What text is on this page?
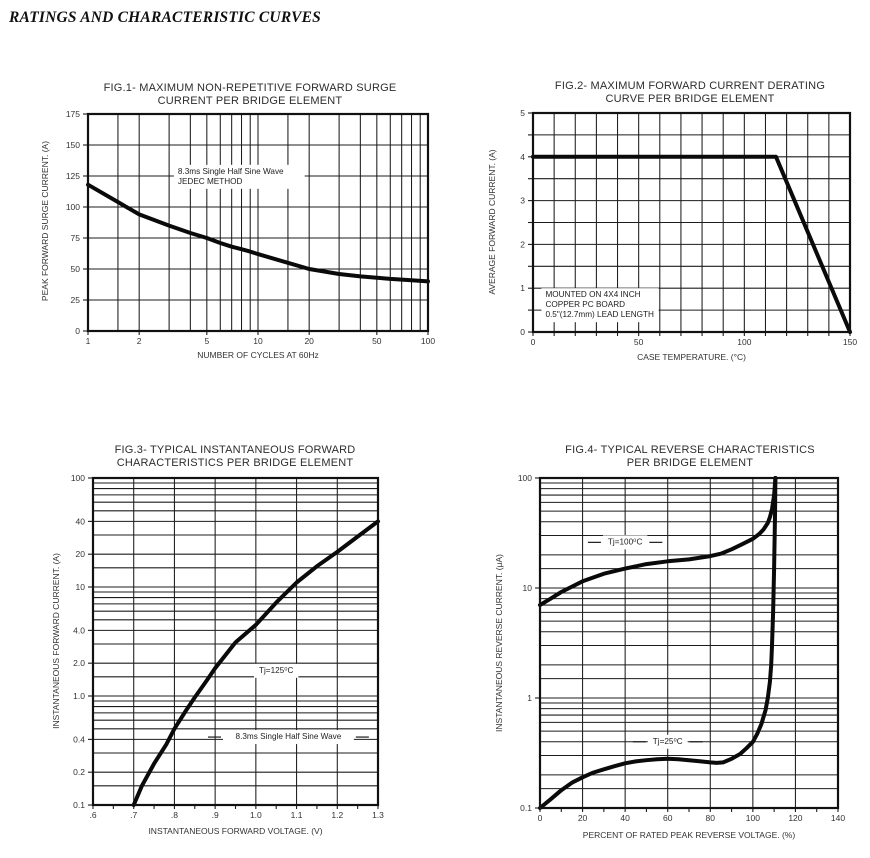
RATINGS AND CHARACTERISTIC CURVES
FIG.1- MAXIMUM NON-REPETITIVE FORWARD SURGE
CURRENT PER BRIDGE ELEMENT
PEAK FORWARD SURGE CURRENT. (A)	8.3ms Single Half Sine Wave
JEDEC METHOD
1	2	5	10	20	50	100
0
25
50
75
100
125
150
175
NUMBER OF CYCLES AT 60Hz
FIG.2- MAXIMUM FORWARD CURRENT DERATING
CURVE PER BRIDGE ELEMENT
AVERAGE FORWARD CURRENT. (A)
MOUNTED ON 4X4 INCH
COPPER PC BOARD
0.5"(12.7mm) LEAD LENGTH
0	50	100	150
0
1
2
3
4
5
CASE TEMPERATURE. (°C)
FIG.3- TYPICAL INSTANTANEOUS FORWARD
CHARACTERISTICS PER BRIDGE ELEMENT
INSTANTANEOUS FORWARD CURRENT. (A)	Tj=125⁰C
8.3ms Single Half Sine Wave
.6	.7	.8	.9	1.0	1.1	1.2	1.3
100
40
20
10
4.0
2.0
1.0
0.4
0.2
0.1
INSTANTANEOUS FORWARD VOLTAGE. (V)
FIG.4- TYPICAL REVERSE CHARACTERISTICS
PER BRIDGE ELEMENT
INSTANTANEOUS REVERSE CURRENT. (μA)
Tj=100⁰C
Tj=25⁰C
0	20	40	60	80	100	120	140
100
10
1
0.1
PERCENT OF RATED PEAK REVERSE VOLTAGE. (%)
